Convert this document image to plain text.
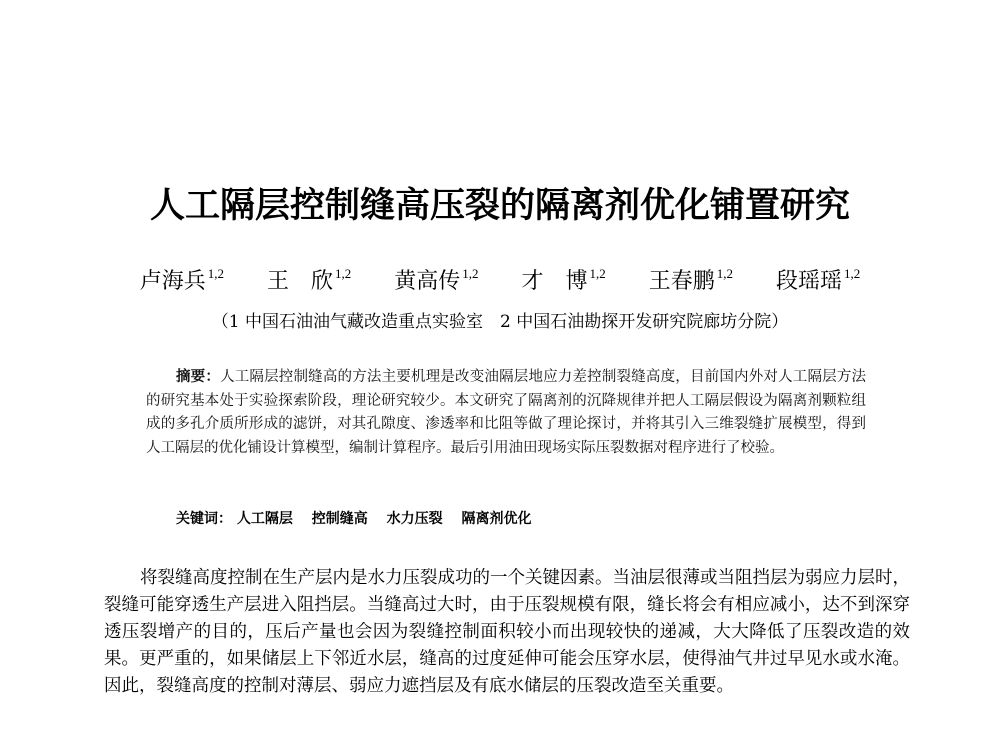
人工隔层控制缝高压裂的隔离剂优化铺置研究
卢海兵 $^{1,2}$ 王　欣 $^{1,2}$ 黄高传 $^{1,2}$ 才　博 $^{1,2}$ 王春鹏 $^{1,2}$ 段瑶瑶 $^{1,2}$
（1 中国石油油气藏改造重点实验室　2 中国石油勘探开发研究院廊坊分院）
摘要：人工隔层控制缝高的方法主要机理是改变油隔层地应力差控制裂缝高度，目前国内外对人工隔层方法的研究基本处于实验探索阶段，理论研究较少。本文研究了隔离剂的沉降规律并把人工隔层假设为隔离剂颗粒组成的多孔介质所形成的滤饼，对其孔隙度、渗透率和比阻等做了理论探讨，并将其引入三维裂缝扩展模型，得到人工隔层的优化铺设计算模型，编制计算程序。最后引用油田现场实际压裂数据对程序进行了校验。
关键词： 人工隔层 控制缝高 水力压裂 隔离剂优化
将裂缝高度控制在生产层内是水力压裂成功的一个关键因素。当油层很薄或当阻挡层为弱应力层时，裂缝可能穿透生产层进入阻挡层。当缝高过大时，由于压裂规模有限，缝长将会有相应减小，达不到深穿透压裂增产的目的，压后产量也会因为裂缝控制面积较小而出现较快的递减，大大降低了压裂改造的效果。更严重的，如果储层上下邻近水层，缝高的过度延伸可能会压穿水层，使得油气井过早见水或水淹。因此，裂缝高度的控制对薄层、弱应力遮挡层及有底水储层的压裂改造至关重要。
